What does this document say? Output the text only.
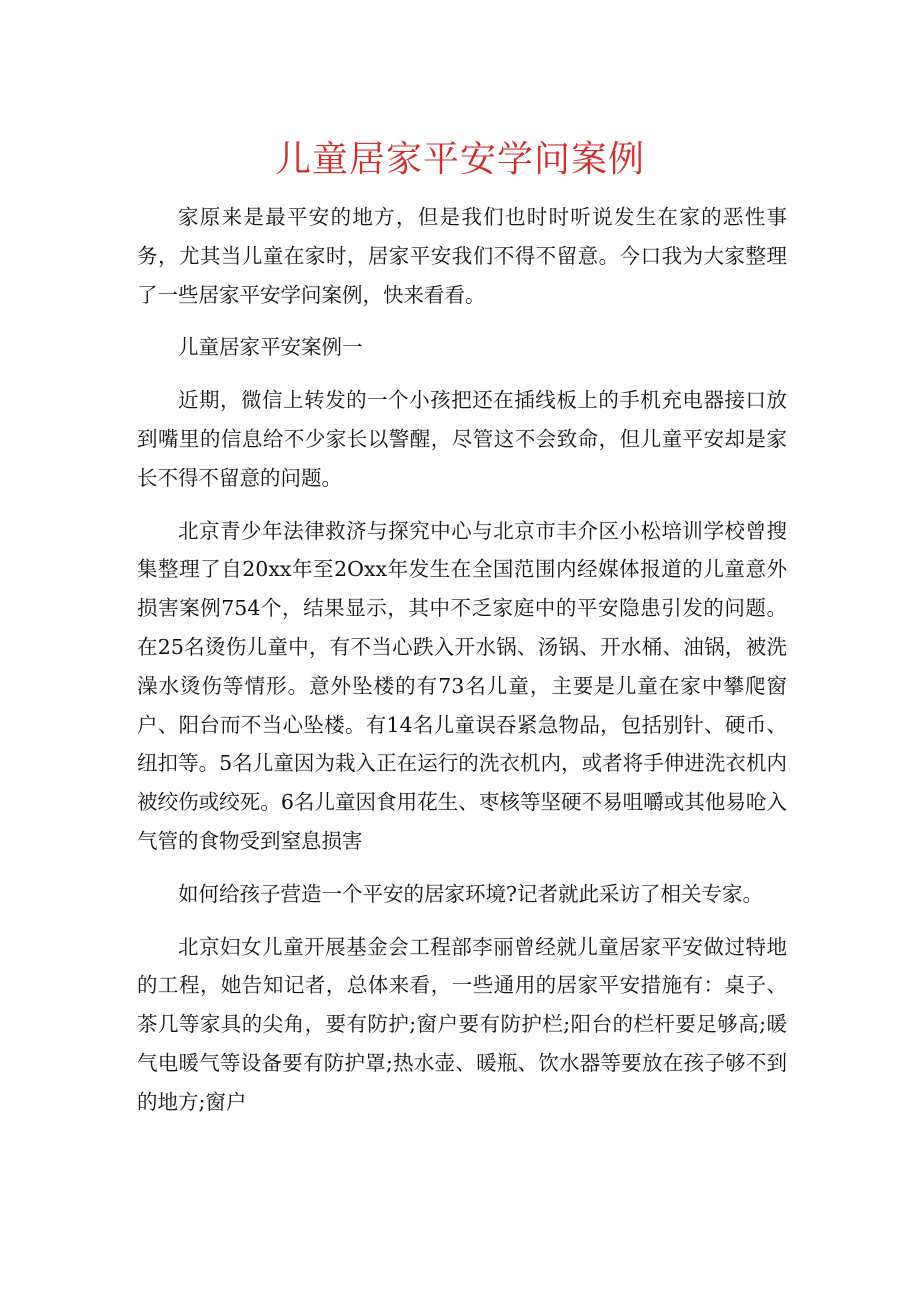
儿童居家平安学问案例

家原来是最平安的地方，但是我们也时时听说发生在家的恶性事务，尤其当儿童在家时，居家平安我们不得不留意。今口我为大家整理了一些居家平安学问案例，快来看看。

儿童居家平安案例一

近期，微信上转发的一个小孩把还在插线板上的手机充电器接口放到嘴里的信息给不少家长以警醒，尽管这不会致命，但儿童平安却是家长不得不留意的问题。

北京青少年法律救济与探究中心与北京市丰介区小松培训学校曾搜集整理了自20xx年至2Oxx年发生在全国范围内经媒体报道的儿童意外损害案例754个，结果显示，其中不乏家庭中的平安隐患引发的问题。在25名烫伤儿童中，有不当心跌入开水锅、汤锅、开水桶、油锅，被洗澡水烫伤等情形。意外坠楼的有73名儿童，主要是儿童在家中攀爬窗户、阳台而不当心坠楼。有14名儿童误吞紧急物品，包括别针、硬币、纽扣等。5名儿童因为栽入正在运行的洗衣机内，或者将手伸进洗衣机内被绞伤或绞死。6名儿童因食用花生、枣核等坚硬不易咀嚼或其他易呛入气管的食物受到窒息损害

如何给孩子营造一个平安的居家环境?记者就此采访了相关专家。

北京妇女儿童开展基金会工程部李丽曾经就儿童居家平安做过特地的工程，她告知记者，总体来看，一些通用的居家平安措施有：桌子、茶几等家具的尖角，要有防护;窗户要有防护栏;阳台的栏杆要足够高;暖气电暖气等设备要有防护罩;热水壶、暖瓶、饮水器等要放在孩子够不到的地方;窗户
